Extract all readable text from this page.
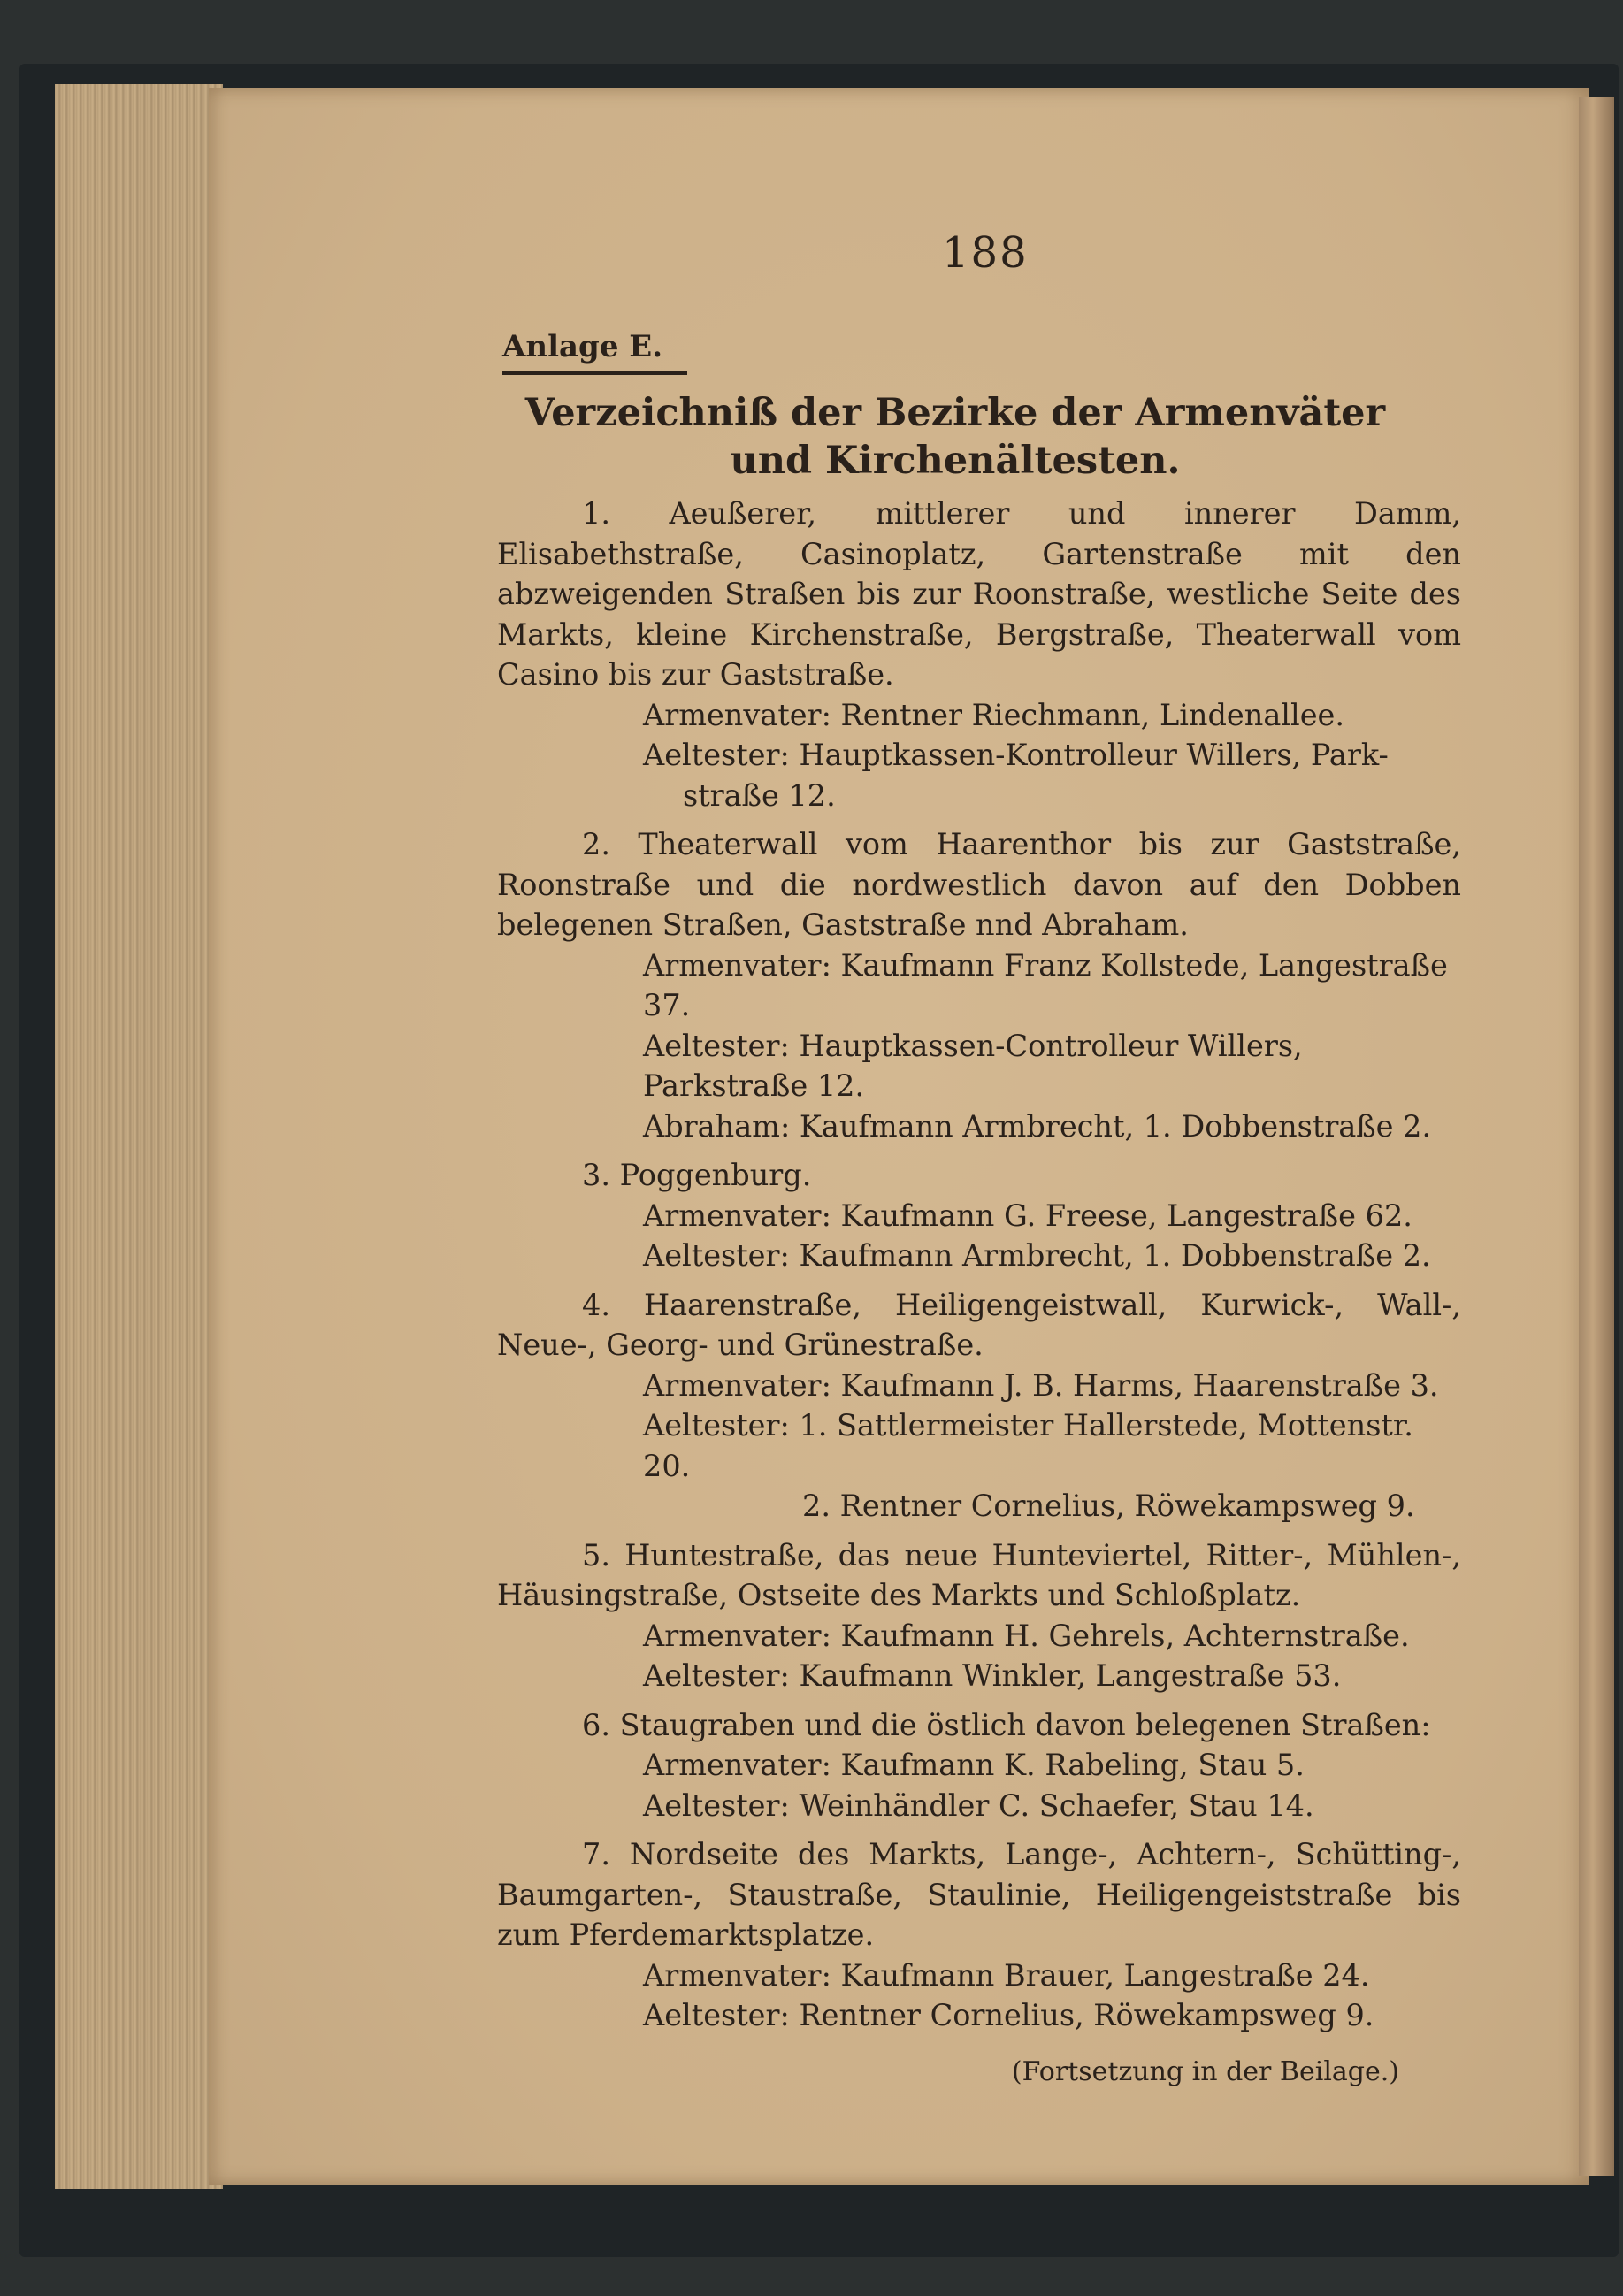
188
Anlage E.
Verzeichniß der Bezirke der Armenväter und Kirchenältesten.

1. Aeußerer, mittlerer und innerer Damm, Elisabethstraße, Casinoplatz, Gartenstraße mit den abzweigenden Straßen bis zur Roonstraße, westliche Seite des Markts, kleine Kirchenstraße, Bergstraße, Theaterwall vom Casino bis zur Gaststraße.

Armenvater: Rentner Riechmann, Lindenallee.
Aeltester: Hauptkassen-Kontrolleur Willers, Park-
straße 12.

2. Theaterwall vom Haarenthor bis zur Gaststraße, Roonstraße und die nordwestlich davon auf den Dobben belegenen Straßen, Gaststraße nnd Abraham.

Armenvater: Kaufmann Franz Kollstede, Langestraße 37.
Aeltester: Hauptkassen-Controlleur Willers, Parkstraße 12.
Abraham: Kaufmann Armbrecht, 1. Dobbenstraße 2.

3. Poggenburg.

Armenvater: Kaufmann G. Freese, Langestraße 62.
Aeltester: Kaufmann Armbrecht, 1. Dobbenstraße 2.

4. Haarenstraße, Heiligengeistwall, Kurwick-, Wall-, Neue-, Georg- und Grünestraße.

Armenvater: Kaufmann J. B. Harms, Haarenstraße 3.
Aeltester: 1. Sattlermeister Hallerstede, Mottenstr. 20.
2. Rentner Cornelius, Röwekampsweg 9.

5. Huntestraße, das neue Hunteviertel, Ritter-, Mühlen-, Häusingstraße, Ostseite des Markts und Schloßplatz.

Armenvater: Kaufmann H. Gehrels, Achternstraße.
Aeltester: Kaufmann Winkler, Langestraße 53.

6. Staugraben und die östlich davon belegenen Straßen:

Armenvater: Kaufmann K. Rabeling, Stau 5.
Aeltester: Weinhändler C. Schaefer, Stau 14.

7. Nordseite des Markts, Lange-, Achtern-, Schütting-, Baumgarten-, Staustraße, Staulinie, Heiligengeiststraße bis zum Pferdemarktsplatze.

Armenvater: Kaufmann Brauer, Langestraße 24.
Aeltester: Rentner Cornelius, Röwekampsweg 9.
(Fortsetzung in der Beilage.)
